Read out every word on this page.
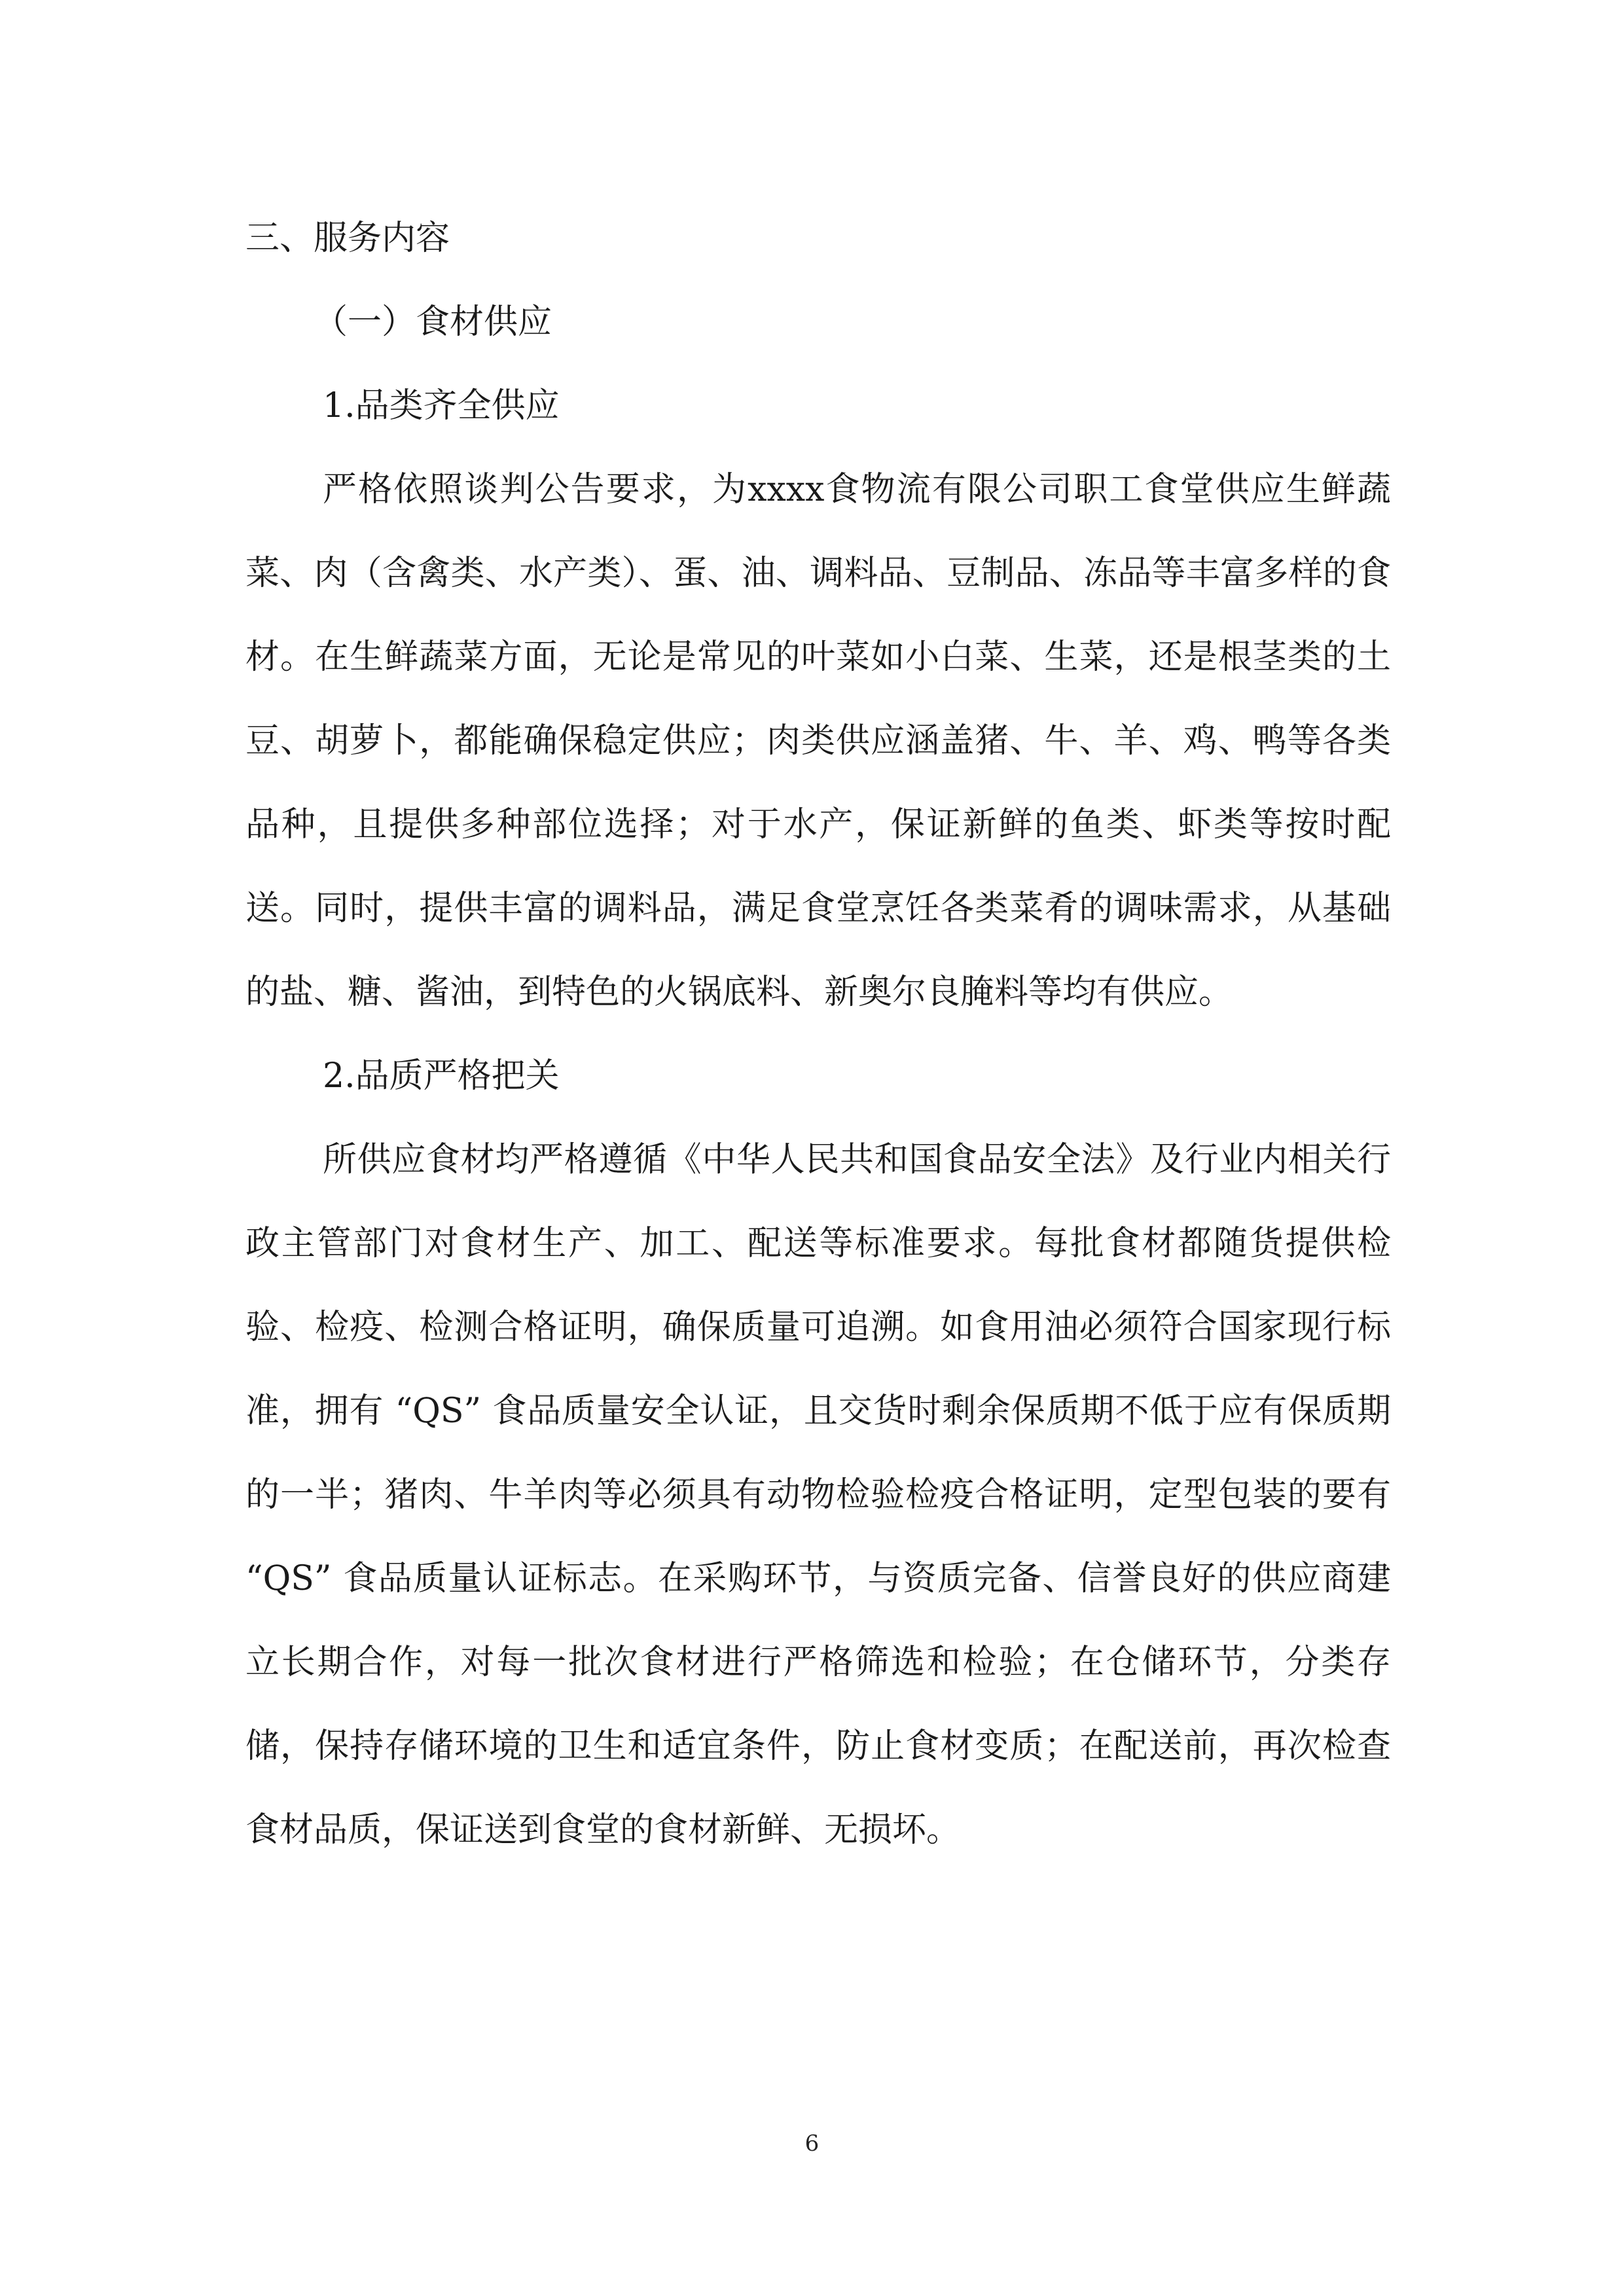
三、服务内容
（一）食材供应
1.品类齐全供应

严格依照谈判公告要求，为xxxx食物流有限公司职工食堂供应生鲜蔬菜、肉（含禽类、水产类）、蛋、油、调料品、豆制品、冻品等丰富多样的食材。在生鲜蔬菜方面，无论是常见的叶菜如小白菜、生菜，还是根茎类的土豆、胡萝卜，都能确保稳定供应；肉类供应涵盖猪、牛、羊、鸡、鸭等各类品种，且提供多种部位选择；对于水产，保证新鲜的鱼类、虾类等按时配送。同时，提供丰富的调料品，满足食堂烹饪各类菜肴的调味需求，从基础的盐、糖、酱油，到特色的火锅底料、新奥尔良腌料等均有供应。

2.品质严格把关

所供应食材均严格遵循《中华人民共和国食品安全法》及行业内相关行政主管部门对食材生产、加工、配送等标准要求。每批食材都随货提供检验、检疫、检测合格证明，确保质量可追溯。如食用油必须符合国家现行标准，拥有 “QS” 食品质量安全认证，且交货时剩余保质期不低于应有保质期的一半；猪肉、牛羊肉等必须具有动物检验检疫合格证明，定型包装的要有 “QS” 食品质量认证标志。在采购环节，与资质完备、信誉良好的供应商建立长期合作，对每一批次食材进行严格筛选和检验；在仓储环节，分类存储，保持存储环境的卫生和适宜条件，防止食材变质；在配送前，再次检查食材品质，保证送到食堂的食材新鲜、无损坏。

6
